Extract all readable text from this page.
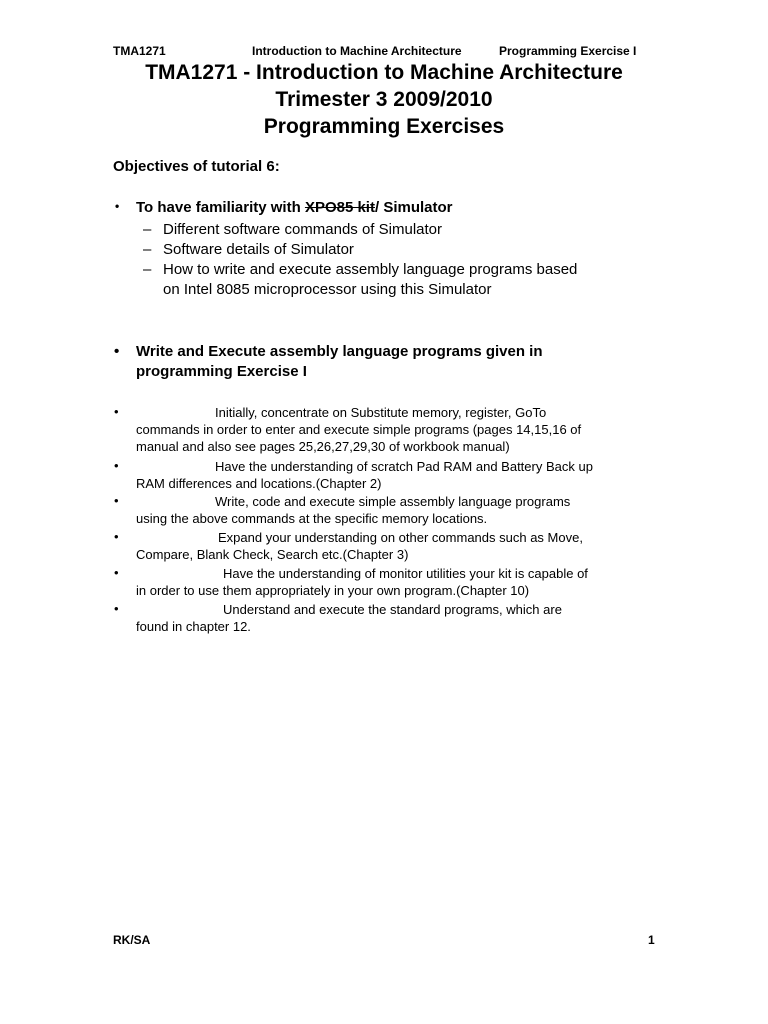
TMA1271	Introduction to Machine Architecture	Programming Exercise I
TMA1271 - Introduction to Machine Architecture
Trimester 3 2009/2010
Programming Exercises
Objectives of tutorial 6:
• To have familiarity with XPO85 kit/ Simulator
– Different software commands of Simulator
– Software details of Simulator
– How to write and execute assembly language programs based
on Intel 8085 microprocessor using this Simulator
• Write and Execute assembly language programs given in
programming Exercise I
•	Initially, concentrate on Substitute memory, register, GoTo
commands in order to enter and execute simple programs (pages 14,15,16 of
manual and also see pages 25,26,27,29,30 of workbook manual)
•	Have the understanding of scratch Pad RAM and Battery Back up
RAM differences and locations.(Chapter 2)
•	Write, code and execute simple assembly language programs
using the above commands at the specific memory locations.
•	Expand your understanding on other commands such as Move,
Compare, Blank Check, Search etc.(Chapter 3)
•	Have the understanding of monitor utilities your kit is capable of
in order to use them appropriately in your own program.(Chapter 10)
•	Understand and execute the standard programs, which are
found in chapter 12.
RK/SA	1
